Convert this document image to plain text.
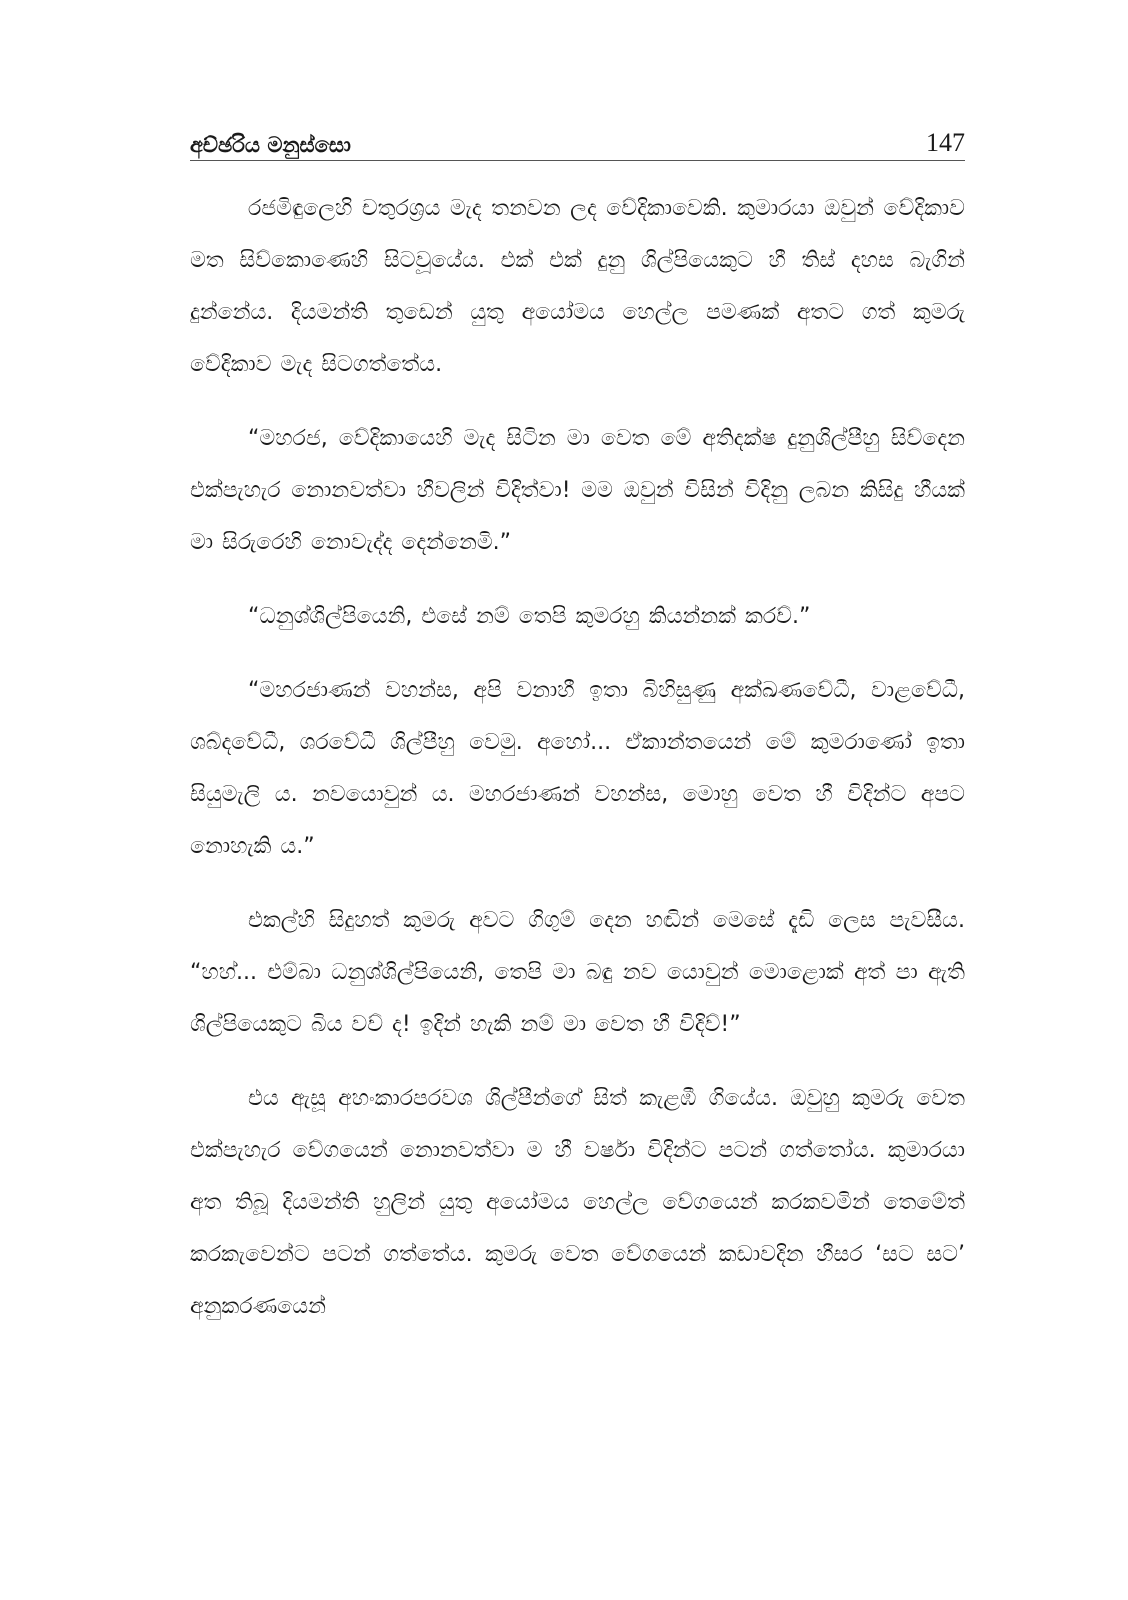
අච්ඡරිය මනුස්සො	147

රජමිඳුලෙහි චතුරශ්‍රය මැද තනවන ලද වේදිකාවෙකි. කුමාරයා ඔවුන් වේදිකාව මත සිව්කොණෙහි සිටවූයේය. එක් එක් දුනු ශිල්පියෙකුට හී තිස් දහස බැගින් දුන්නේය. දියමන්ති තුඩෙන් යුතු අයෝමය හෙල්ල පමණක් අතට ගත් කුමරු වේදිකාව මැද සිටගත්තේය.

“මහරජ, වේදිකායෙහි මැද සිටින මා වෙත මේ අතිදක්ෂ දුනුශිල්පීහු සිව්දෙන එක්පැහැර නොනවත්වා හීවලින් විදිත්වා! මම ඔවුන් විසින් විදිනු ලබන කිසිදු හීයක් මා සිරුරෙහි නොවැද්ද දෙන්නෙමි.”

“ධනුශ්ශිල්පියෙනි, එසේ නම් තෙපි කුමරහු කියන්නක් කරව්.”

“මහරජාණන් වහන්ස, අපි වනාහී ඉතා බිහිසුණු අක්ඛණවේධී, වාළවේධී, ශබ්දවේධී, ශරවේධී ශිල්පීහු වෙමු. අහෝ... ඒකාන්තයෙන් මේ කුමරාණෝ ඉතා සියුමැලි ය. නවයොවුන් ය. මහරජාණන් වහන්ස, මොහු වෙත හී විදින්ට අපට නොහැකි ය.”

එකල්හි සිදුහත් කුමරු අවට ගිගුම් දෙන හඬින් මෙසේ දැඩි ලෙස පැවසීය. “හහ්... එම්බා ධනුශ්ශිල්පියෙනි, තෙපි මා බඳු නව යොවුන් මොළොක් අත් පා ඇති ශිල්පියෙකුට බිය වව් ද! ඉදින් හැකි නම් මා වෙත හී විදිව්!”

එය ඇසූ අහංකාරපරවශ ශිල්පීන්ගේ සිත් කැළඹී ගියේය. ඔවුහු කුමරු වෙත එක්පැහැර වේගයෙන් නොනවත්වා ම හී වර්ෂා විදින්ට පටන් ගත්තෝය. කුමාරයා අත තිබූ දියමන්ති හුලින් යුතු අයෝමය හෙල්ල වේගයෙන් කරකවමින් තෙමේත් කරකැවෙන්ට පටන් ගත්තේය. කුමරු වෙත වේගයෙන් කඩාවදින හීසර ‘සට සට’ අනුකරණයෙන්
